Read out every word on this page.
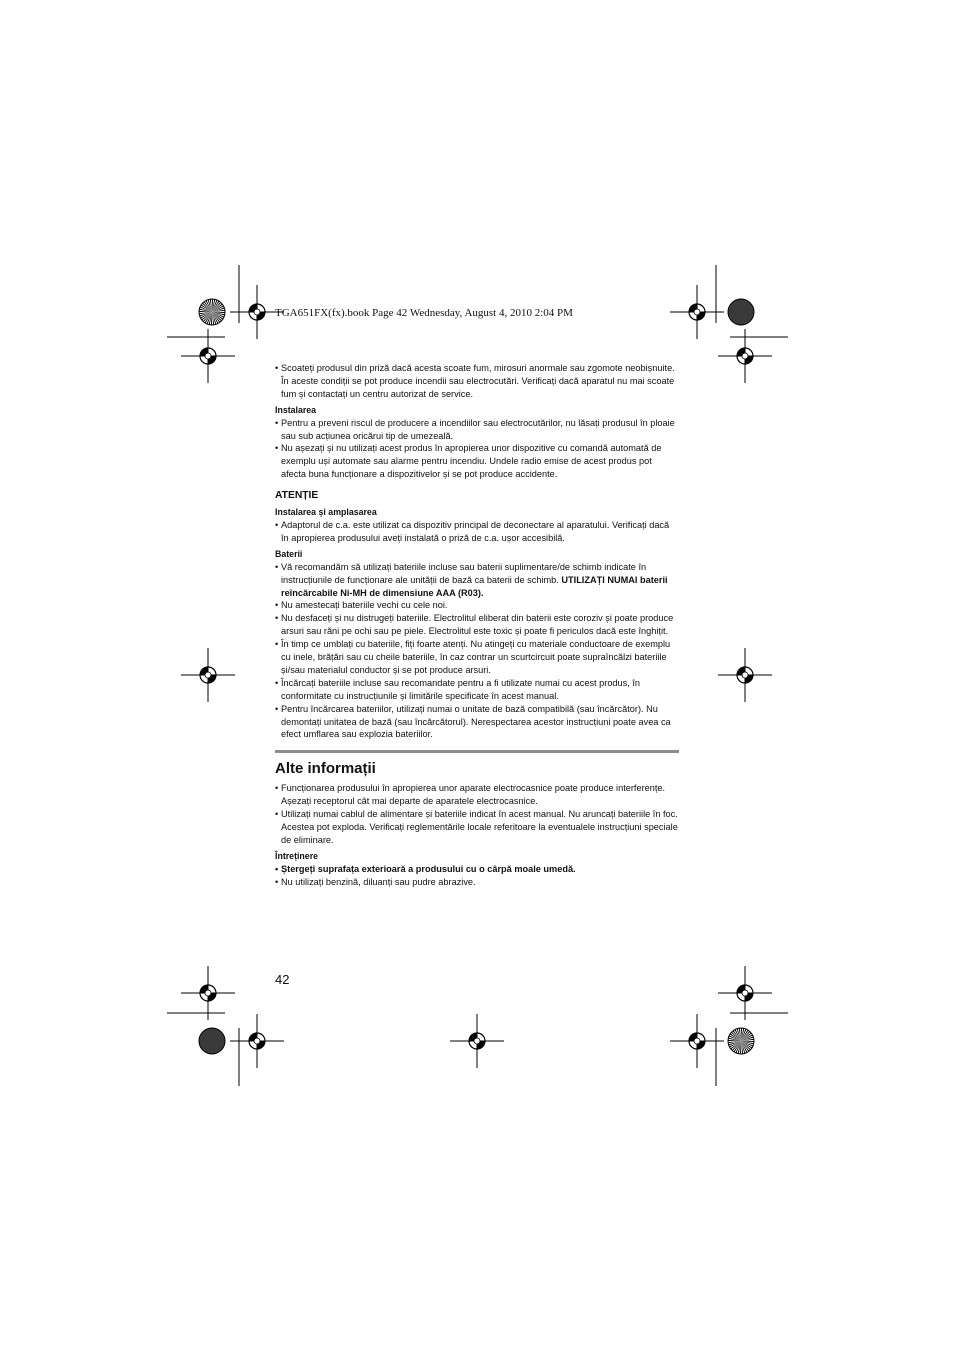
TGA651FX(fx).book Page 42 Wednesday, August 4, 2010 2:04 PM
• Scoateți produsul din priză dacă acesta scoate fum, mirosuri anormale sau zgomote neobișnuite. În aceste condiții se pot produce incendii sau electrocutări. Verificați dacă aparatul nu mai scoate fum și contactați un centru autorizat de service.
Instalarea
• Pentru a preveni riscul de producere a incendiilor sau electrocutărilor, nu lăsați produsul în ploaie sau sub acțiunea oricărui tip de umezeală.
• Nu așezați și nu utilizați acest produs în apropierea unor dispozitive cu comandă automată de exemplu uși automate sau alarme pentru incendiu. Undele radio emise de acest produs pot afecta buna funcționare a dispozitivelor și se pot produce accidente.
ATENȚIE
Instalarea și amplasarea
• Adaptorul de c.a. este utilizat ca dispozitiv principal de deconectare al aparatului. Verificați dacă în apropierea produsului aveți instalată o priză de c.a. ușor accesibilă.
Baterii
• Vă recomandăm să utilizați bateriile incluse sau baterii suplimentare/de schimb indicate în instrucțiunile de funcționare ale unității de bază ca baterii de schimb. UTILIZAȚI NUMAI baterii reîncărcabile Ni-MH de dimensiune AAA (R03).
• Nu amestecați bateriile vechi cu cele noi.
• Nu desfaceți și nu distrugeți bateriile. Electrolitul eliberat din baterii este coroziv și poate produce arsuri sau răni pe ochi sau pe piele. Electrolitul este toxic și poate fi periculos dacă este înghițit.
• În timp ce umblați cu bateriile, fiți foarte atenți. Nu atingeți cu materiale conductoare de exemplu cu inele, brățări sau cu cheile bateriile, în caz contrar un scurtcircuit poate supraîncălzi bateriile și/sau materialul conductor și se pot produce arsuri.
• Încărcați bateriile incluse sau recomandate pentru a fi utilizate numai cu acest produs, în conformitate cu instrucțiunile și limitările specificate în acest manual.
• Pentru încărcarea bateriilor, utilizați numai o unitate de bază compatibilă (sau încărcător). Nu demontați unitatea de bază (sau încărcătorul). Nerespectarea acestor instrucțiuni poate avea ca efect umflarea sau explozia bateriilor.
Alte informații
• Funcționarea produsului în apropierea unor aparate electrocasnice poate produce interferențe. Așezați receptorul cât mai departe de aparatele electrocasnice.
• Utilizați numai cablul de alimentare și bateriile indicat în acest manual. Nu aruncați bateriile în foc. Acestea pot exploda. Verificați reglementările locale referitoare la eventualele instrucțiuni speciale de eliminare.
Întreținere
• Ștergeți suprafața exterioară a produsului cu o cârpă moale umedă.
• Nu utilizați benzină, diluanți sau pudre abrazive.
42
